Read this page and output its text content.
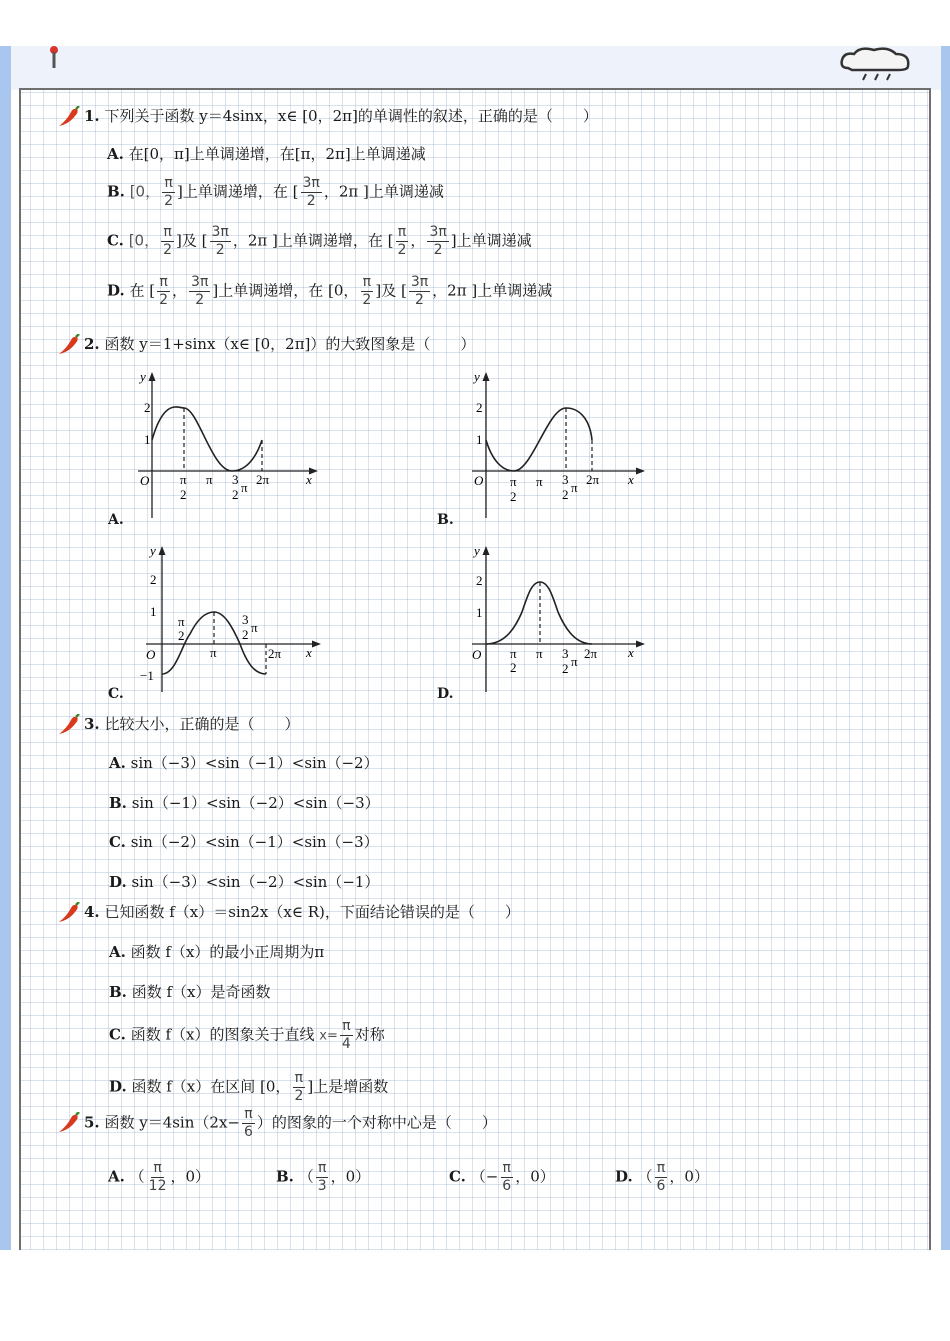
1. 下列关于函数 y＝4sinx，x∈ [0，2π]的单调性的叙述，正确的是（　　）
A. 在[0，π]上单调递增，在[π，2π]上单调递减
B. [0， $\frac{\pi}{2}$ ]上单调递增，在 [ $\frac{3\pi}{2}$ ，2π ]上单调递减
C. [0， $\frac{\pi}{2}$ ]及 [ $\frac{3\pi}{2}$ ，2π ]上单调递增，在 [ $\frac{\pi}{2}$ ， $\frac{3\pi}{2}$ ]上单调递减
D. 在 [ $\frac{\pi}{2}$ ， $\frac{3\pi}{2}$ ]上单调递增，在 [0， $\frac{\pi}{2}$ ]及 [ $\frac{3\pi}{2}$ ，2π ]上单调递减
2. 函数 y＝1+sinx（x∈ [0，2π]）的大致图象是（　　）
y
x
O
2
1
π
2
π 3
π
2
2π
A.
y
x
O
2
1
π
2
π 3
π
2
2π
B.
y
x
O
2
1
−1
π
2
π
3
π
2
2π
C.
y
x
O
2
1
π
2
π 3
π
2
2π
D.
3. 比较大小，正确的是（　　）
A. sin（−3）<sin（−1）<sin（−2）
B. sin（−1）<sin（−2）<sin（−3）
C. sin（−2）<sin（−1）<sin（−3）
D. sin（−3）<sin（−2）<sin（−1）
4. 已知函数 f（x）＝sin2x（x∈ R)，下面结论错误的是（　　）
A. 函数 f（x）的最小正周期为π
B. 函数 f（x）是奇函数
C. 函数 f（x）的图象关于直线 $x= \frac{\pi}{4}$ 对称
D. 函数 f（x）在区间 [0， $\frac{\pi}{2}$ ]上是增函数
5. 函数 $y=4\sin(2x- \frac{\pi}{6}$ ）的图象的一个对称中心是（　　）
A. （ $\frac{\pi}{12}$ ，0）	B. （ $\frac{\pi}{3}$ ，0）	C. （− $\frac{\pi}{6}$ ，0）	D. （ $\frac{\pi}{6}$ ，0）
